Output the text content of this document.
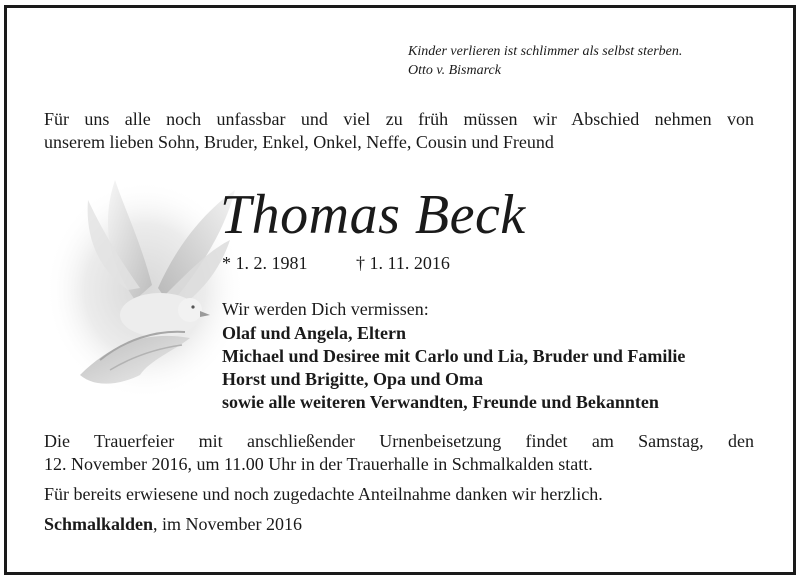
Kinder verlieren ist schlimmer als selbst sterben.
Otto v. Bismarck
Für uns alle noch unfassbar und viel zu früh müssen wir Abschied nehmen von
unserem lieben Sohn, Bruder, Enkel, Onkel, Neffe, Cousin und Freund
Thomas Beck
* 1. 2. 1981	† 1. 11. 2016
Wir werden Dich vermissen:
Olaf und Angela, Eltern
Michael und Desiree mit Carlo und Lia, Bruder und Familie
Horst und Brigitte, Opa und Oma
sowie alle weiteren Verwandten, Freunde und Bekannten
Die Trauerfeier mit anschließender Urnenbeisetzung findet am Samstag, den
12. November 2016, um 11.00 Uhr in der Trauerhalle in Schmalkalden statt.
Für bereits erwiesene und noch zugedachte Anteilnahme danken wir herzlich.
Schmalkalden, im November 2016
